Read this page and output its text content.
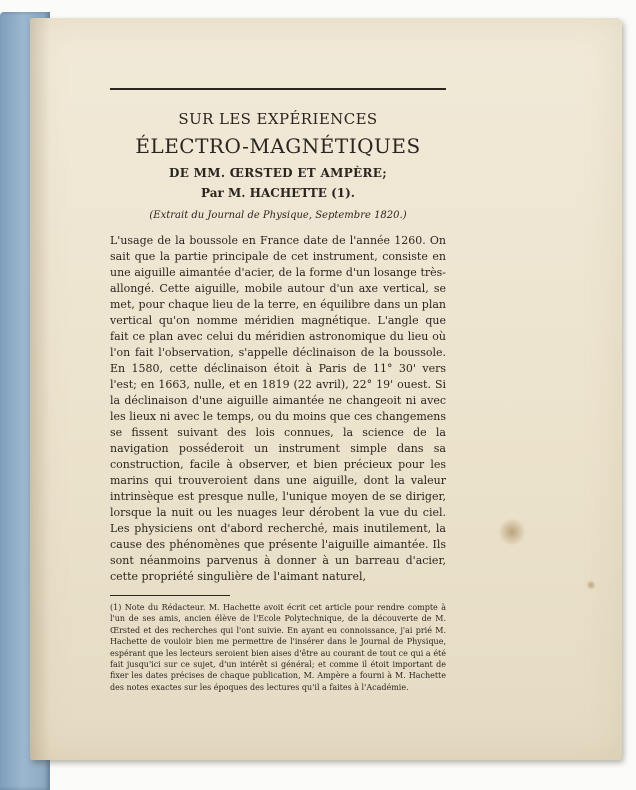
SUR LES EXPÉRIENCES
ÉLECTRO-MAGNÉTIQUES
DE MM. ŒRSTED ET AMPÈRE;

Par M. HACHETTE (1).

(Extrait du Journal de Physique, Septembre 1820.)

L'usage de la boussole en France date de l'année 1260. On sait que la partie principale de cet instrument, consiste en une aiguille aimantée d'acier, de la forme d'un losange très-allongé. Cette aiguille, mobile autour d'un axe vertical, se met, pour chaque lieu de la terre, en équilibre dans un plan vertical qu'on nomme méridien magnétique. L'angle que fait ce plan avec celui du méridien astronomique du lieu où l'on fait l'observation, s'appelle déclinaison de la boussole. En 1580, cette déclinaison étoit à Paris de 11° 30' vers l'est; en 1663, nulle, et en 1819 (22 avril), 22° 19' ouest. Si la déclinaison d'une aiguille aimantée ne changeoit ni avec les lieux ni avec le temps, ou du moins que ces changemens se fissent suivant des lois connues, la science de la navigation posséderoit un instrument simple dans sa construction, facile à observer, et bien précieux pour les marins qui trouveroient dans une aiguille, dont la valeur intrinsèque est presque nulle, l'unique moyen de se diriger, lorsque la nuit ou les nuages leur dérobent la vue du ciel. Les physiciens ont d'abord recherché, mais inutilement, la cause des phénomènes que présente l'aiguille aimantée. Ils sont néanmoins parvenus à donner à un barreau d'acier, cette propriété singulière de l'aimant naturel,

(1) Note du Rédacteur. M. Hachette avoit écrit cet article pour rendre compte à l'un de ses amis, ancien élève de l'Ecole Polytechnique, de la découverte de M. Œrsted et des recherches qui l'ont suivie. En ayant eu connoissance, j'ai prié M. Hachette de vouloir bien me permettre de l'insérer dans le Journal de Physique, espérant que les lecteurs seroient bien aises d'être au courant de tout ce qui a été fait jusqu'ici sur ce sujet, d'un intérêt si général; et comme il étoit important de fixer les dates précises de chaque publication, M. Ampère a fourni à M. Hachette des notes exactes sur les époques des lectures qu'il a faites à l'Académie.
